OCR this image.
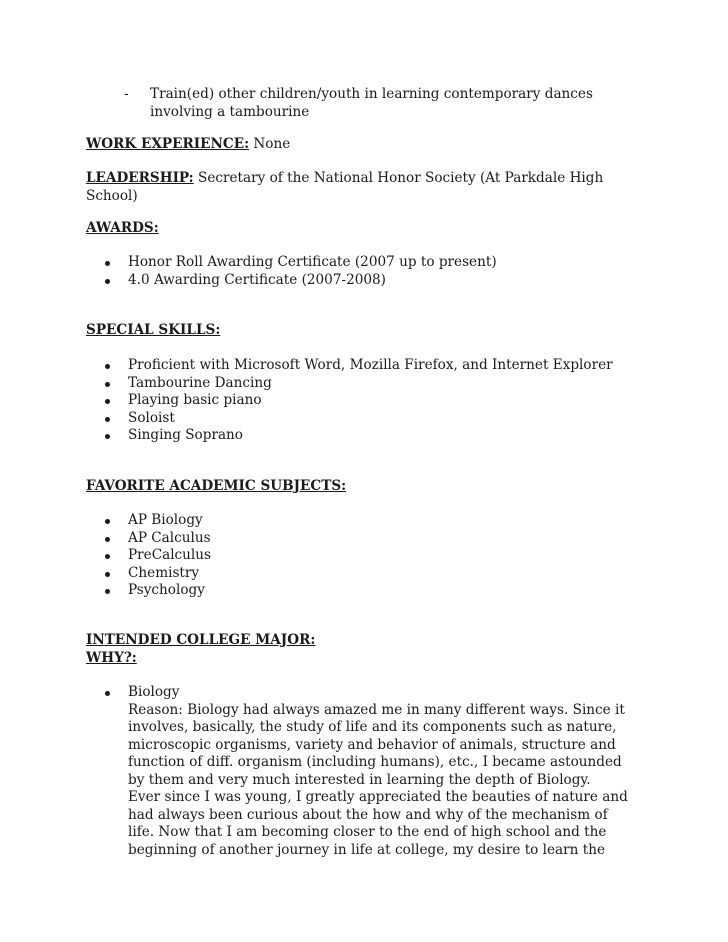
- Train(ed) other children/youth in learning contemporary dances
involving a tambourine
WORK EXPERIENCE: None
LEADERSHIP: Secretary of the National Honor Society (At Parkdale High School)
AWARDS:
Honor Roll Awarding Certificate (2007 up to present)
4.0 Awarding Certificate (2007-2008)
SPECIAL SKILLS:
Proficient with Microsoft Word, Mozilla Firefox, and Internet Explorer
Tambourine Dancing
Playing basic piano
Soloist
Singing Soprano
FAVORITE ACADEMIC SUBJECTS:
AP Biology
AP Calculus
PreCalculus
Chemistry
Psychology
INTENDED COLLEGE MAJOR:
WHY?:
Biology
Reason: Biology had always amazed me in many different ways. Since it
involves, basically, the study of life and its components such as nature,
microscopic organisms, variety and behavior of animals, structure and
function of diff. organism (including humans), etc., I became astounded
by them and very much interested in learning the depth of Biology.
Ever since I was young, I greatly appreciated the beauties of nature and
had always been curious about the how and why of the mechanism of
life. Now that I am becoming closer to the end of high school and the
beginning of another journey in life at college, my desire to learn the
